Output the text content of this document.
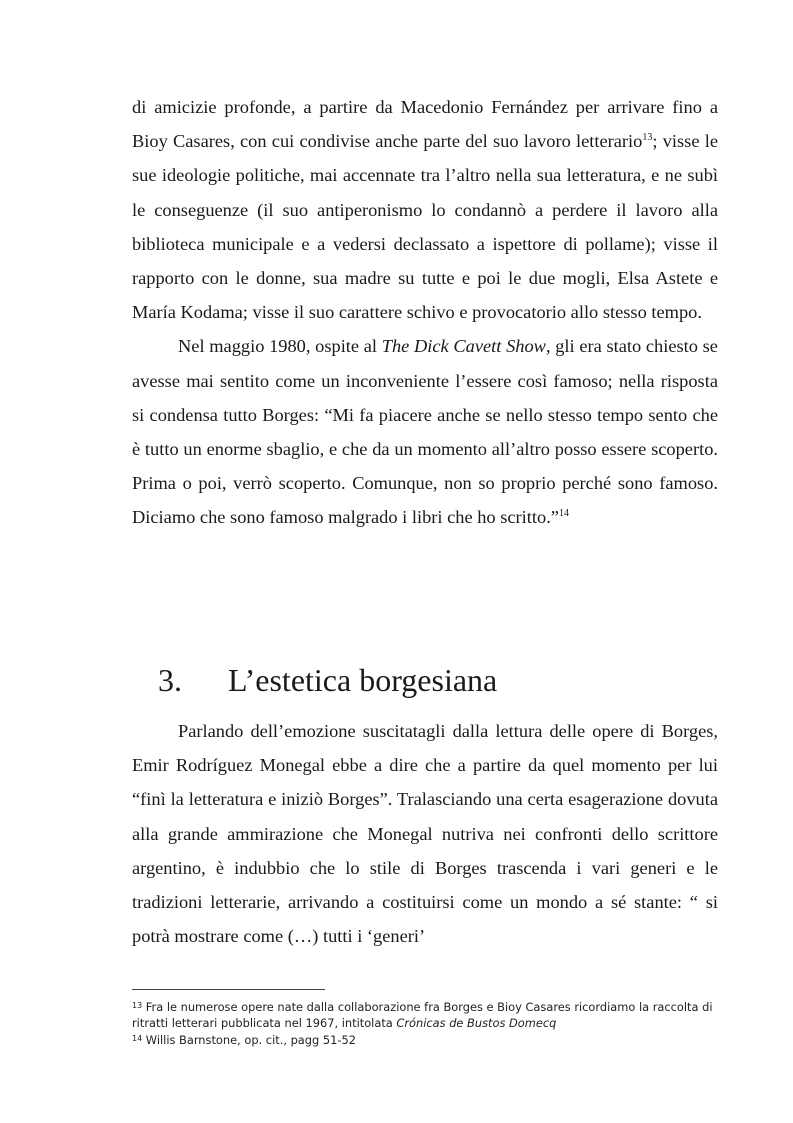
di amicizie profonde, a partire da Macedonio Fernández per arrivare fino a Bioy Casares, con cui condivise anche parte del suo lavoro letterario$^{13}$; visse le sue ideologie politiche, mai accennate tra l’altro nella sua letteratura, e ne subì le conseguenze (il suo antiperonismo lo condannò a perdere il lavoro alla biblioteca municipale e a vedersi declassato a ispettore di pollame); visse il rapporto con le donne, sua madre su tutte e poi le due mogli, Elsa Astete e María Kodama; visse il suo carattere schivo e provocatorio allo stesso tempo.

Nel maggio 1980, ospite al The Dick Cavett Show, gli era stato chiesto se avesse mai sentito come un inconveniente l’essere così famoso; nella risposta si condensa tutto Borges: “Mi fa piacere anche se nello stesso tempo sento che è tutto un enorme sbaglio, e che da un momento all’altro posso essere scoperto. Prima o poi, verrò scoperto. Comunque, non so proprio perché sono famoso. Diciamo che sono famoso malgrado i libri che ho scritto.”$^{14}$

3. L’estetica borgesiana

Parlando dell’emozione suscitatagli dalla lettura delle opere di Borges, Emir Rodríguez Monegal ebbe a dire che a partire da quel momento per lui “finì la letteratura e iniziò Borges”. Tralasciando una certa esagerazione dovuta alla grande ammirazione che Monegal nutriva nei confronti dello scrittore argentino, è indubbio che lo stile di Borges trascenda i vari generi e le tradizioni letterarie, arrivando a costituirsi come un mondo a sé stante: “ si potrà mostrare come (…) tutti i ‘generi’

$^{13}$ Fra le numerose opere nate dalla collaborazione fra Borges e Bioy Casares ricordiamo la raccolta di ritratti letterari pubblicata nel 1967, intitolata Crónicas de Bustos Domecq

$^{14}$ Willis Barnstone, op. cit., pagg 51-52
